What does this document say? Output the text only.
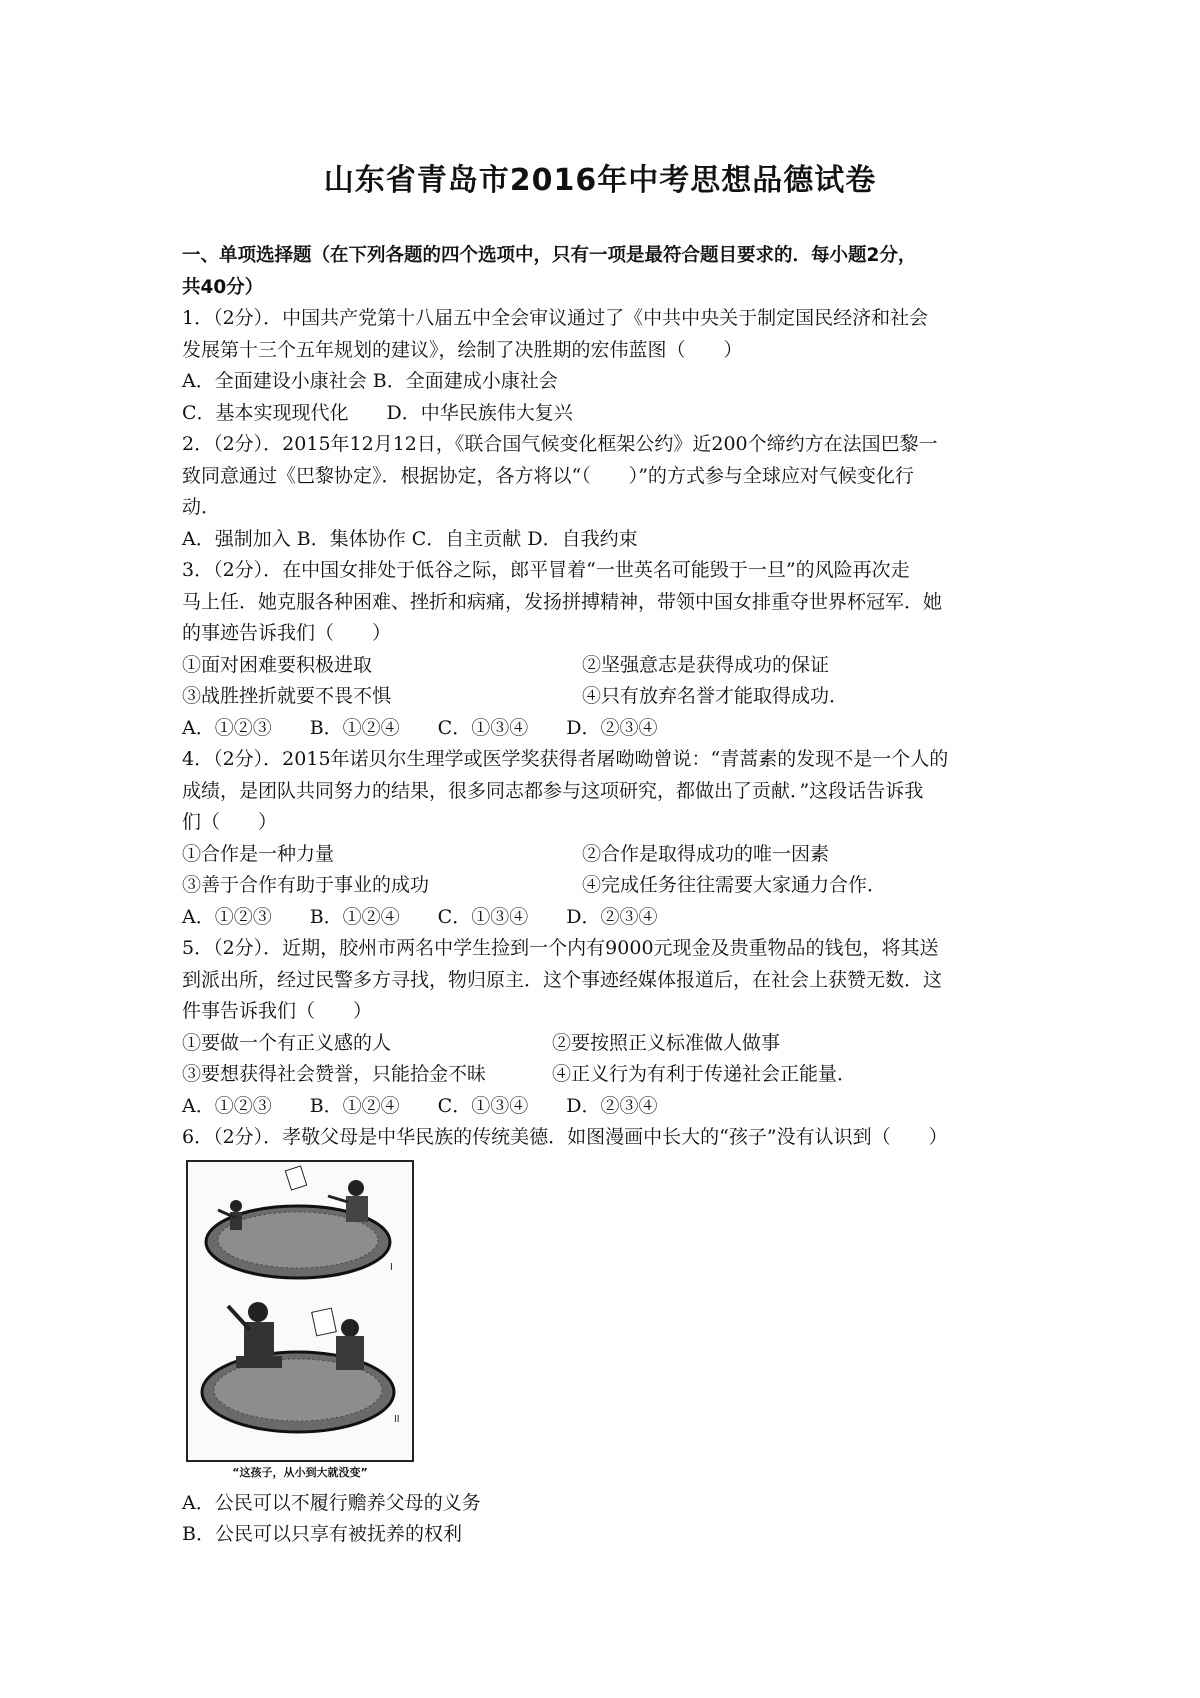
山东省青岛市2016年中考思想品德试卷
一、单项选择题（在下列各题的四个选项中，只有一项是最符合题目要求的．每小题2分，
共40分）
1．（2分）．中国共产党第十八届五中全会审议通过了《中共中央关于制定国民经济和社会
发展第十三个五年规划的建议》，绘制了决胜期的宏伟蓝图（　　）
A．全面建设小康社会 B．全面建成小康社会
C．基本实现现代化　　D．中华民族伟大复兴
2．（2分）．2015年12月12日，《联合国气候变化框架公约》近200个缔约方在法国巴黎一
致同意通过《巴黎协定》．根据协定，各方将以“（　　）”的方式参与全球应对气候变化行
动．
A．强制加入 B．集体协作 C．自主贡献 D．自我约束
3．（2分）．在中国女排处于低谷之际，郎平冒着“一世英名可能毁于一旦”的风险再次走
马上任．她克服各种困难、挫折和病痛，发扬拼搏精神，带领中国女排重夺世界杯冠军．她
的事迹告诉我们（　　）
①面对困难要积极进取	②坚强意志是获得成功的保证
③战胜挫折就要不畏不惧	④只有放弃名誉才能取得成功．
A．①②③　　B．①②④　　C．①③④　　D．②③④
4．（2分）．2015年诺贝尔生理学或医学奖获得者屠呦呦曾说：“青蒿素的发现不是一个人的
成绩，是团队共同努力的结果，很多同志都参与这项研究，都做出了贡献．”这段话告诉我
们（　　）
①合作是一种力量	②合作是取得成功的唯一因素
③善于合作有助于事业的成功	④完成任务往往需要大家通力合作．
A．①②③　　B．①②④　　C．①③④　　D．②③④
5．（2分）．近期，胶州市两名中学生捡到一个内有9000元现金及贵重物品的钱包，将其送
到派出所，经过民警多方寻找，物归原主．这个事迹经媒体报道后，在社会上获赞无数．这
件事告诉我们（　　）
①要做一个有正义感的人	②要按照正义标准做人做事
③要想获得社会赞誉，只能拾金不昧	④正义行为有利于传递社会正能量．
A．①②③　　B．①②④　　C．①③④　　D．②③④
6．（2分）．孝敬父母是中华民族的传统美德．如图漫画中长大的“孩子”没有认识到（　　）
I
II
“这孩子，从小到大就没变”
A．公民可以不履行赡养父母的义务
B．公民可以只享有被抚养的权利
